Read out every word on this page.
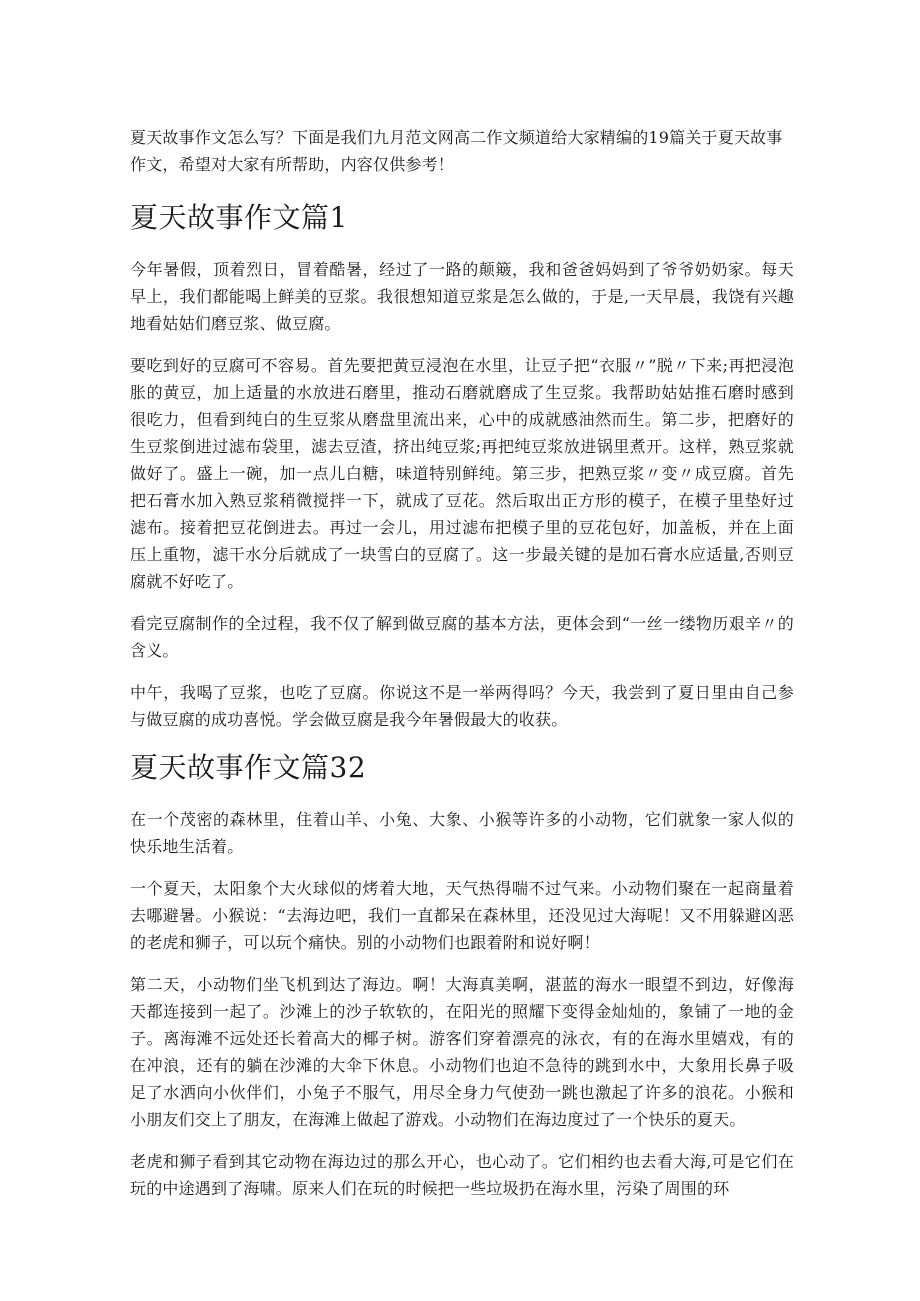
夏天故事作文怎么写？下面是我们九月范文网高二作文频道给大家精编的19篇关于夏天故事作文，希望对大家有所帮助，内容仅供参考！

夏天故事作文篇1

今年暑假，顶着烈日，冒着酷暑，经过了一路的颠簸，我和爸爸妈妈到了爷爷奶奶家。每天早上，我们都能喝上鲜美的豆浆。我很想知道豆浆是怎么做的，于是,一天早晨，我饶有兴趣地看姑姑们磨豆浆、做豆腐。

要吃到好的豆腐可不容易。首先要把黄豆浸泡在水里，让豆子把“衣服〃”脱〃下来;再把浸泡胀的黄豆，加上适量的水放进石磨里，推动石磨就磨成了生豆浆。我帮助姑姑推石磨时感到很吃力，但看到纯白的生豆浆从磨盘里流出来，心中的成就感油然而生。第二步，把磨好的生豆浆倒进过滤布袋里，滤去豆渣，挤出纯豆浆;再把纯豆浆放进锅里煮开。这样，熟豆浆就做好了。盛上一碗，加一点儿白糖，味道特别鲜纯。第三步，把熟豆浆〃变〃成豆腐。首先把石膏水加入熟豆浆稍微搅拌一下，就成了豆花。然后取出正方形的模子，在模子里垫好过滤布。接着把豆花倒进去。再过一会儿，用过滤布把模子里的豆花包好，加盖板，并在上面压上重物，滤干水分后就成了一块雪白的豆腐了。这一步最关键的是加石膏水应适量,否则豆腐就不好吃了。

看完豆腐制作的全过程，我不仅了解到做豆腐的基本方法，更体会到“一丝一缕物历艰辛〃的含义。

中午，我喝了豆浆，也吃了豆腐。你说这不是一举两得吗？今天，我尝到了夏日里由自己参与做豆腐的成功喜悦。学会做豆腐是我今年暑假最大的收获。

夏天故事作文篇32

在一个茂密的森林里，住着山羊、小兔、大象、小猴等许多的小动物，它们就象一家人似的快乐地生活着。

一个夏天，太阳象个大火球似的烤着大地，天气热得喘不过气来。小动物们聚在一起商量着去哪避暑。小猴说：“去海边吧，我们一直都呆在森林里，还没见过大海呢！又不用躲避凶恶的老虎和狮子，可以玩个痛快。别的小动物们也跟着附和说好啊！

第二天，小动物们坐飞机到达了海边。啊！大海真美啊，湛蓝的海水一眼望不到边，好像海天都连接到一起了。沙滩上的沙子软软的，在阳光的照耀下变得金灿灿的，象铺了一地的金子。离海滩不远处还长着高大的椰子树。游客们穿着漂亮的泳衣，有的在海水里嬉戏，有的在冲浪，还有的躺在沙滩的大伞下休息。小动物们也迫不急待的跳到水中，大象用长鼻子吸足了水洒向小伙伴们，小兔子不服气，用尽全身力气使劲一跳也激起了许多的浪花。小猴和小朋友们交上了朋友，在海滩上做起了游戏。小动物们在海边度过了一个快乐的夏天。

老虎和狮子看到其它动物在海边过的那么开心，也心动了。它们相约也去看大海,可是它们在玩的中途遇到了海啸。原来人们在玩的时候把一些垃圾扔在海水里，污染了周围的环
